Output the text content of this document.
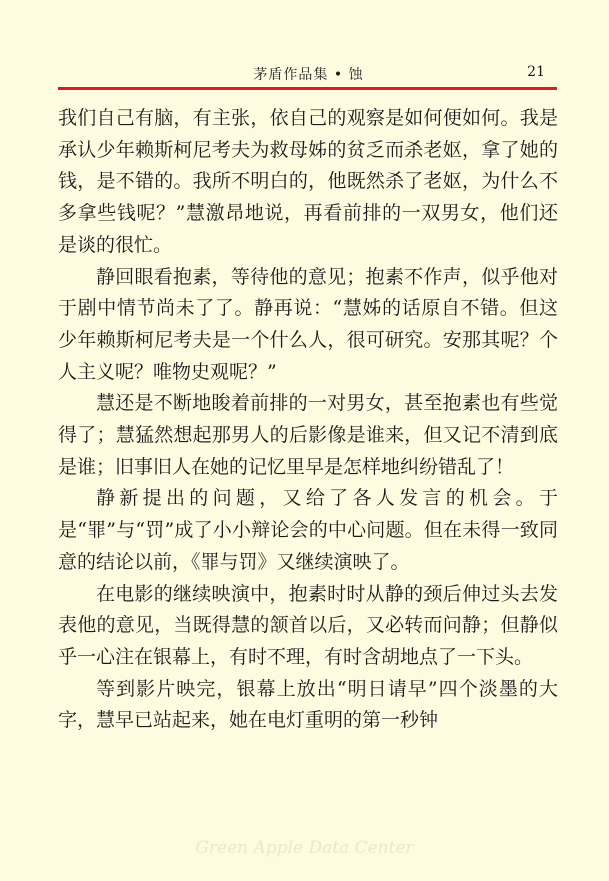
茅盾作品集 • 蚀	21

我们自己有脑，有主张，依自己的观察是如何便如何。我是承认少年赖斯柯尼考夫为救母姊的贫乏而杀老妪，拿了她的钱，是不错的。我所不明白的，他既然杀了老妪，为什么不多拿些钱呢？”慧激昂地说，再看前排的一双男女，他们还是谈的很忙。

静回眼看抱素，等待他的意见；抱素不作声，似乎他对于剧中情节尚未了了。静再说：“慧姊的话原自不错。但这少年赖斯柯尼考夫是一个什么人，很可研究。安那其呢？个人主义呢？唯物史观呢？”

慧还是不断地睃着前排的一对男女，甚至抱素也有些觉得了；慧猛然想起那男人的后影像是谁来，但又记不清到底是谁；旧事旧人在她的记忆里早是怎样地纠纷错乱了！

静新提出的问题，又给了各人发言的机会。于是“罪”与“罚”成了小小辩论会的中心问题。但在未得一致同意的结论以前，《罪与罚》又继续演映了。

在电影的继续映演中，抱素时时从静的颈后伸过头去发表他的意见，当既得慧的颔首以后，又必转而问静；但静似乎一心注在银幕上，有时不理，有时含胡地点了一下头。

等到影片映完，银幕上放出“明日请早”四个淡墨的大字，慧早已站起来，她在电灯重明的第一秒钟

Green Apple Data Center
